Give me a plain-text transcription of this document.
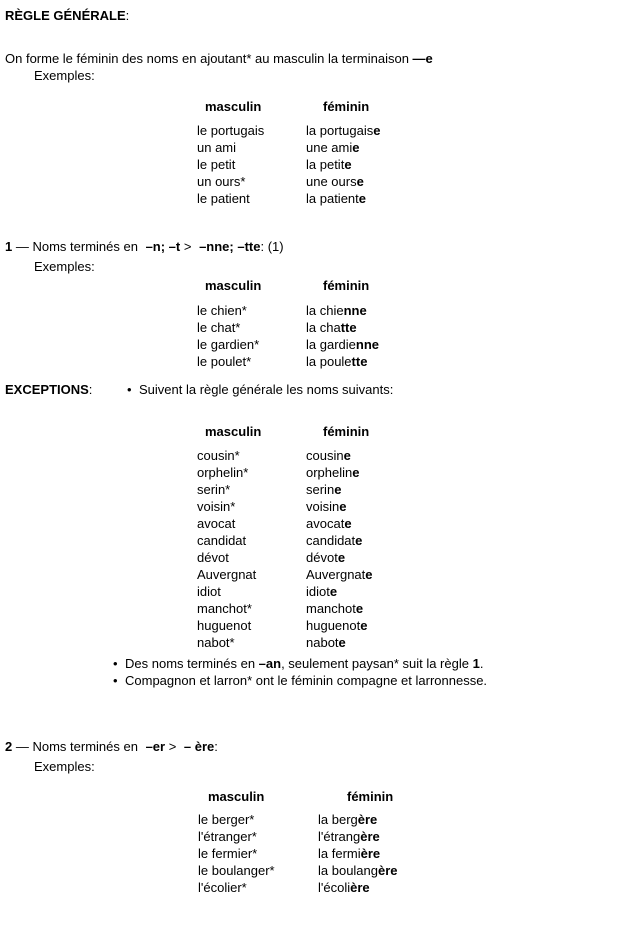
RÈGLE GÉNÉRALE:
On forme le féminin des noms en ajoutant* au masculin la terminaison —e
Exemples:
masculin	féminin
le portugais	la portugaise
un ami	une amie
le petit	la petite
un ours*	une ourse
le patient	la patiente
1 — Noms terminés en –n; –t > –nne; –tte: (1)
Exemples:
masculin	féminin
le chien*	la chienne
le chat*	la chatte
le gardien*	la gardienne
le poulet*	la poulette
EXCEPTIONS:	• Suivent la règle générale les noms suivants:
masculin	féminin
cousin*	cousine
orphelin*	orpheline
serin*	serine
voisin*	voisine
avocat	avocate
candidat	candidate
dévot	dévote
Auvergnat	Auvergnate
idiot	idiote
manchot*	manchote
huguenot	huguenote
nabot*	nabote
• Des noms terminés en –an, seulement paysan* suit la règle 1.
• Compagnon et larron* ont le féminin compagne et larronnesse.
2 — Noms terminés en –er > – ère:
Exemples:
masculin	féminin
le berger*	la bergère
l'étranger*	l'étrangère
le fermier*	la fermière
le boulanger*	la boulangère
l'écolier*	l'écolière
